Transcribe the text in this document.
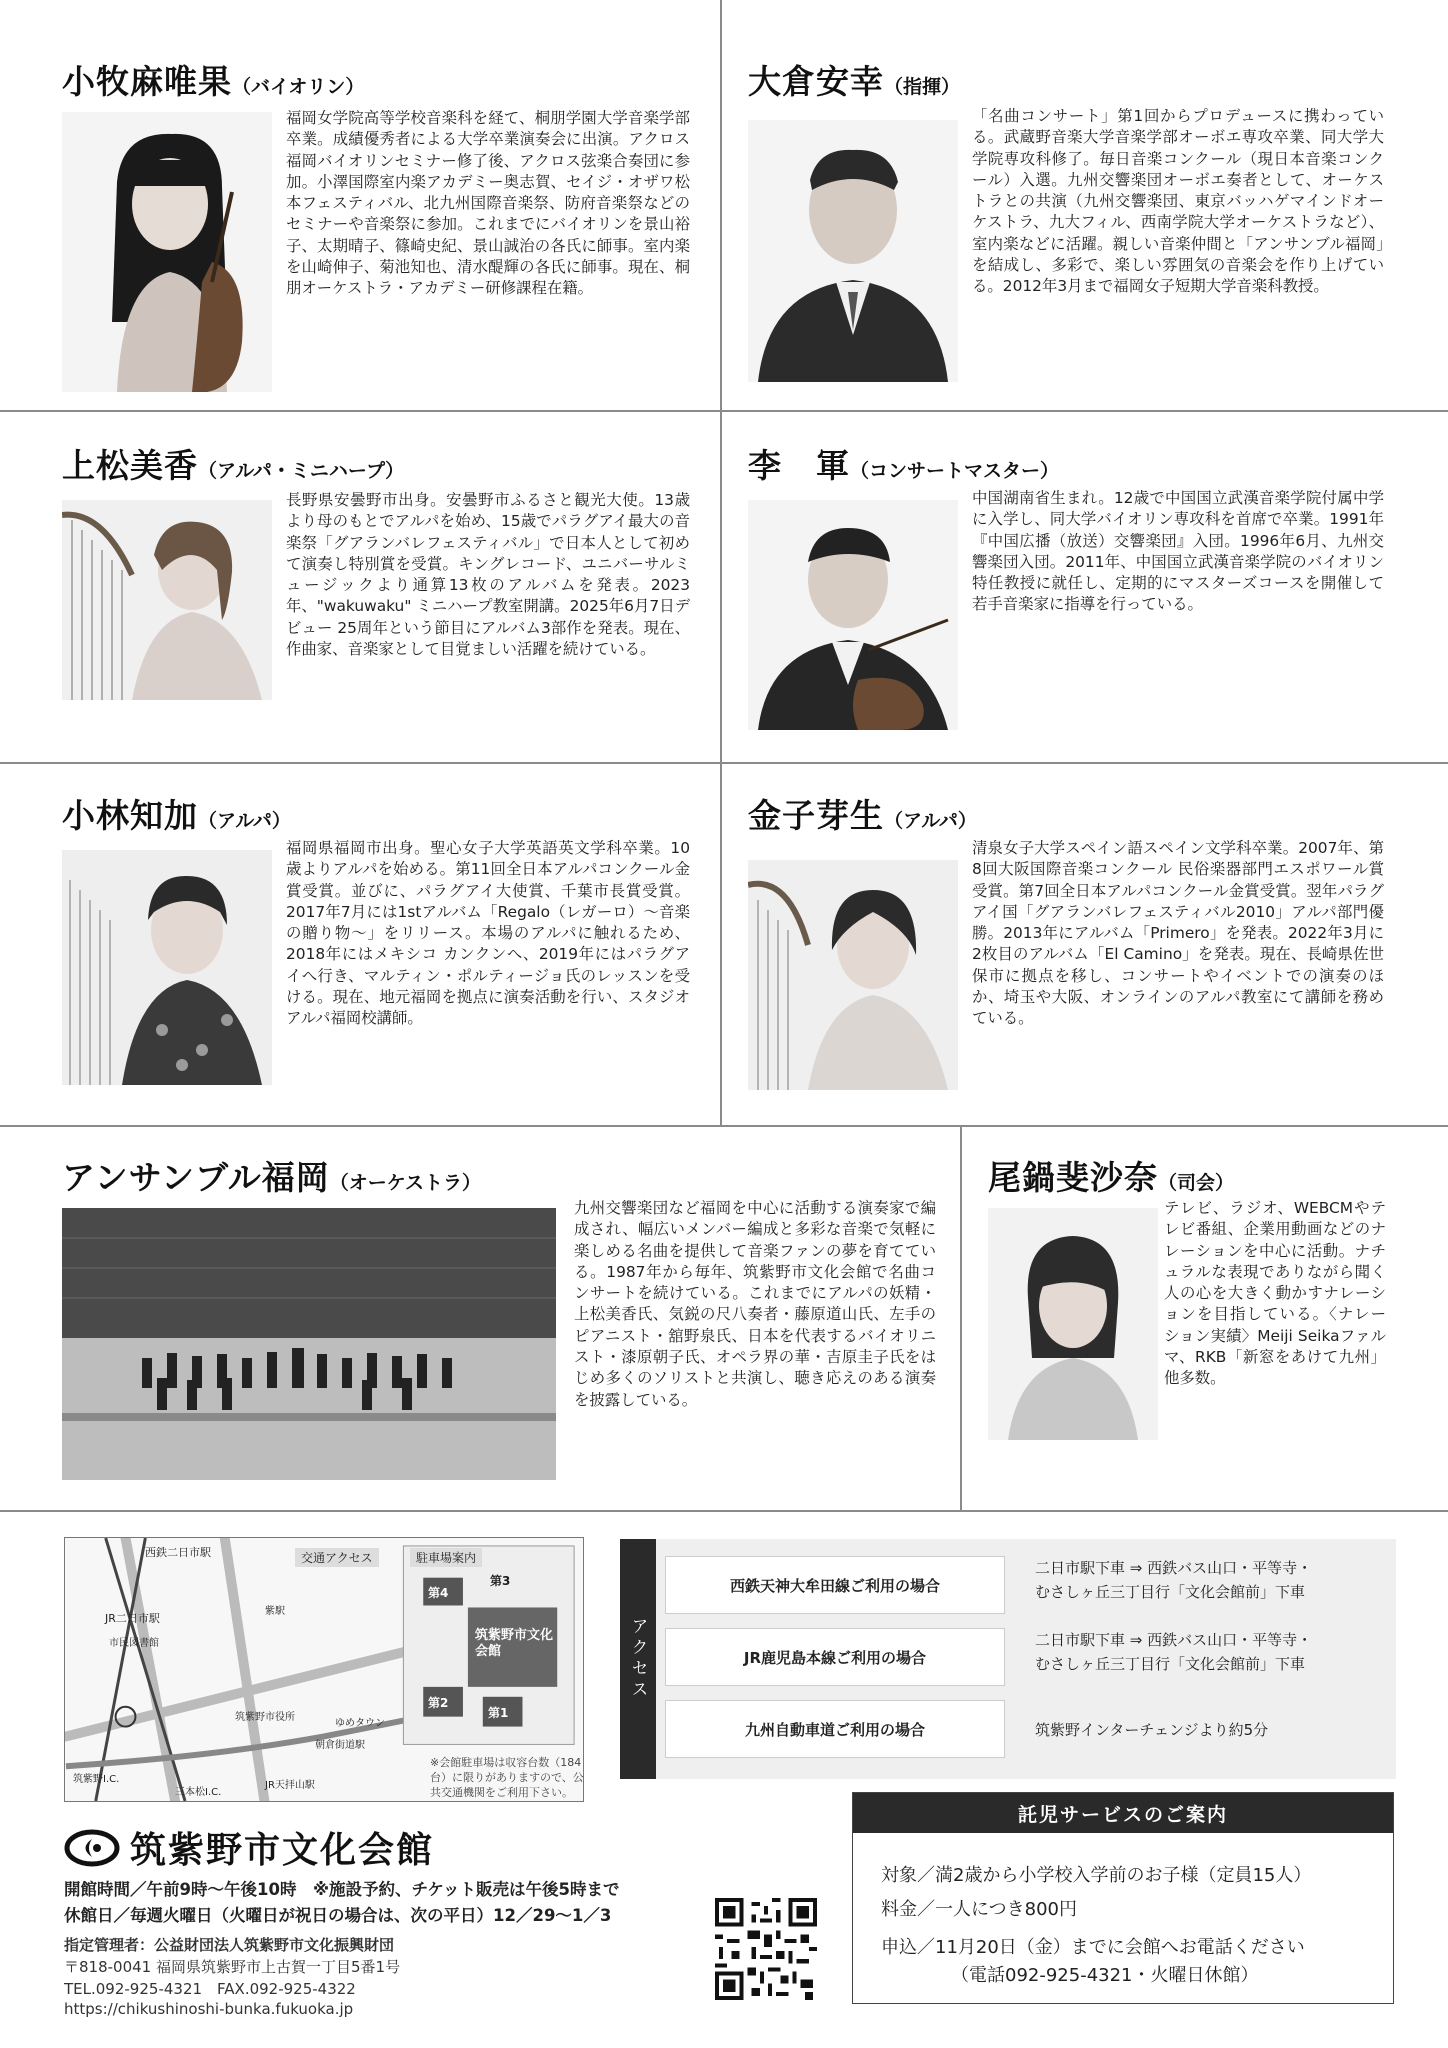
小牧麻唯果（バイオリン）
福岡女学院高等学校音楽科を経て、桐朋学園大学音楽学部卒業。成績優秀者による大学卒業演奏会に出演。アクロス福岡バイオリンセミナー修了後、アクロス弦楽合奏団に参加。小澤国際室内楽アカデミー奥志賀、セイジ・オザワ松本フェスティバル、北九州国際音楽祭、防府音楽祭などのセミナーや音楽祭に参加。これまでにバイオリンを景山裕子、太期晴子、篠崎史紀、景山誠治の各氏に師事。室内楽を山崎伸子、菊池知也、清水醍輝の各氏に師事。現在、桐朋オーケストラ・アカデミー研修課程在籍。
大倉安幸（指揮）
「名曲コンサート」第1回からプロデュースに携わっている。武蔵野音楽大学音楽学部オーボエ専攻卒業、同大学大学院専攻科修了。毎日音楽コンクール（現日本音楽コンクール）入選。九州交響楽団オーボエ奏者として、オーケストラとの共演（九州交響楽団、東京バッハゲマインドオーケストラ、九大フィル、西南学院大学オーケストラなど）、室内楽などに活躍。親しい音楽仲間と「アンサンブル福岡」を結成し、多彩で、楽しい雰囲気の音楽会を作り上げている。2012年3月まで福岡女子短期大学音楽科教授。
上松美香（アルパ・ミニハープ）
長野県安曇野市出身。安曇野市ふるさと観光大使。13歳より母のもとでアルパを始め、15歳でパラグアイ最大の音楽祭「グアランバレフェスティバル」で日本人として初めて演奏し特別賞を受賞。キングレコード、ユニバーサルミュージックより通算13枚のアルバムを発表。2023年、"wakuwaku" ミニハープ教室開講。2025年6月7日デビュー 25周年という節目にアルバム3部作を発表。現在、作曲家、音楽家として目覚ましい活躍を続けている。
李　軍（コンサートマスター）
中国湖南省生まれ。12歳で中国国立武漢音楽学院付属中学に入学し、同大学バイオリン専攻科を首席で卒業。1991年『中国広播（放送）交響楽団』入団。1996年6月、九州交響楽団入団。2011年、中国国立武漢音楽学院のバイオリン特任教授に就任し、定期的にマスターズコースを開催して若手音楽家に指導を行っている。
小林知加（アルパ）
福岡県福岡市出身。聖心女子大学英語英文学科卒業。10歳よりアルパを始める。第11回全日本アルパコンクール金賞受賞。並びに、パラグアイ大使賞、千葉市長賞受賞。2017年7月には1stアルバム「Regalo（レガーロ）〜音楽の贈り物〜」をリリース。本場のアルパに触れるため、2018年にはメキシコ カンクンへ、2019年にはパラグアイへ行き、マルティン・ポルティージョ氏のレッスンを受ける。現在、地元福岡を拠点に演奏活動を行い、スタジオアルパ福岡校講師。
金子芽生（アルパ）
清泉女子大学スペイン語スペイン文学科卒業。2007年、第8回大阪国際音楽コンクール 民俗楽器部門エスポワール賞受賞。第7回全日本アルパコンクール金賞受賞。翌年パラグアイ国「グアランバレフェスティバル2010」アルパ部門優勝。2013年にアルバム「Primero」を発表。2022年3月に2枚目のアルバム「El Camino」を発表。現在、長崎県佐世保市に拠点を移し、コンサートやイベントでの演奏のほか、埼玉や大阪、オンラインのアルパ教室にて講師を務めている。
アンサンブル福岡（オーケストラ）
九州交響楽団など福岡を中心に活動する演奏家で編成され、幅広いメンバー編成と多彩な音楽で気軽に楽しめる名曲を提供して音楽ファンの夢を育てている。1987年から毎年、筑紫野市文化会館で名曲コンサートを続けている。これまでにアルパの妖精・上松美香氏、気鋭の尺八奏者・藤原道山氏、左手のピアニスト・舘野泉氏、日本を代表するバイオリニスト・漆原朝子氏、オペラ界の華・吉原圭子氏をはじめ多くのソリストと共演し、聴き応えのある演奏を披露している。
尾鍋斐沙奈（司会）
テレビ、ラジオ、WEBCMやテレビ番組、企業用動画などのナレーションを中心に活動。ナチュラルな表現でありながら聞く人の心を大きく動かすナレーションを目指している。〈ナレーション実績〉Meiji Seikaファルマ、RKB「新窓をあけて九州」他多数。
西鉄二日市駅	交通アクセス	駐車場案内
JR二日市駅
市民図書館
紫駅
第4
第3
第2
第1
筑紫野市文化会館
筑紫野市役所
ゆめタウン
朝倉街道駅
JR天拝山駅
筑紫野I.C.
三本松I.C.
※会館駐車場は収容台数（184台）に限りがありますので、公共交通機関をご利用下さい。
アクセス
西鉄天神大牟田線ご利用の場合
二日市駅下車 ⇒ 西鉄バス山口・平等寺・
むさしヶ丘三丁目行「文化会館前」下車
JR鹿児島本線ご利用の場合
二日市駅下車 ⇒ 西鉄バス山口・平等寺・
むさしヶ丘三丁目行「文化会館前」下車
九州自動車道ご利用の場合	筑紫野インターチェンジより約5分
筑紫野市文化会館
開館時間／午前9時〜午後10時　※施設予約、チケット販売は午後5時まで
休館日／毎週火曜日（火曜日が祝日の場合は、次の平日）12／29〜1／3
指定管理者：公益財団法人筑紫野市文化振興財団
〒818-0041 福岡県筑紫野市上古賀一丁目5番1号
TEL.092-925-4321　FAX.092-925-4322
https://chikushinoshi-bunka.fukuoka.jp
託児サービスのご案内
対象／満2歳から小学校入学前のお子様（定員15人）
料金／一人につき800円
申込／11月20日（金）までに会館へお電話ください
（電話092-925-4321・火曜日休館）
